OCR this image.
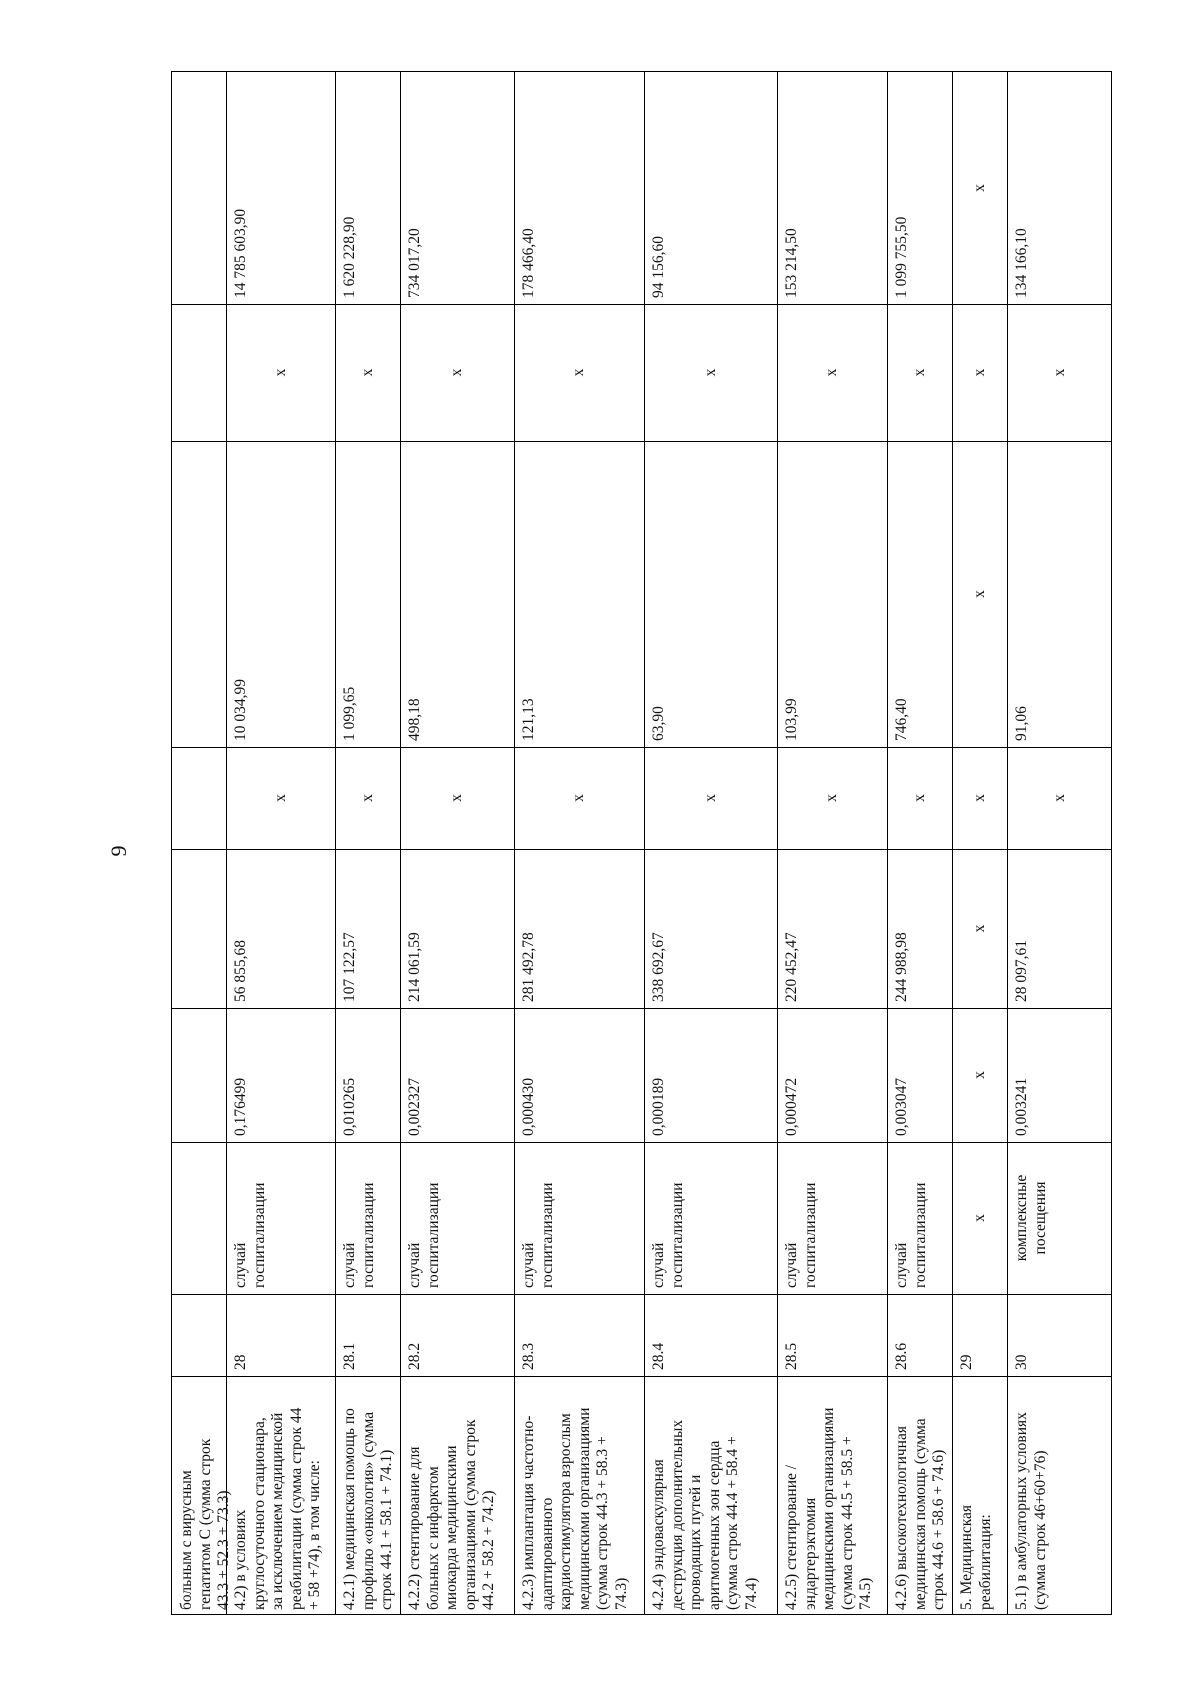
9
больным с вирусным гепатитом С (сумма строк 43.3 + 52.3 + 73.3) 4.2) в условиях круглосуточного стационара, за исключением медицинской реабилитации (сумма строк 44 + 58 +74), в том числе:
28
случай госпитализации
0,176499
56 855,68
х
10 034,99
х
14 785 603,90
4.2.1) медицинская помощь по профилю «онкология» (сумма строк 44.1 + 58.1 + 74.1)
28.1
случай госпитализации
0,010265
107 122,57
х
1 099,65
х
1 620 228,90
4.2.2) стентирование для больных с инфарктом миокарда медицинскими организациями (сумма строк 44.2 + 58.2 + 74.2)
28.2
случай госпитализации
0,002327
214 061,59
х
498,18
х
734 017,20
4.2.3) имплантация частотно- адаптированного кардиостимулятора взрослым медицинскими организациями (сумма строк 44.3 + 58.3 + 74.3)
28.3
случай госпитализации
0,000430
281 492,78
х
121,13
х
178 466,40
4.2.4) эндоваскулярная деструкция дополнительных проводящих путей и аритмогенных зон сердца (сумма строк 44.4 + 58.4 + 74.4)
28.4
случай госпитализации
0,000189
338 692,67
х
63,90
х
94 156,60
4.2.5) стентирование / эндартерэктомия медицинскими организациями (сумма строк 44.5 + 58.5 + 74.5)
28.5
случай госпитализации
0,000472
220 452,47
х
103,99
х
153 214,50
4.2.6) высокотехнологичная медицинская помощь (сумма строк 44.6 + 58.6 + 74.6)
28.6
случай госпитализации
0,003047
244 988,98
х
746,40
х
1 099 755,50
5. Медицинская реабилитация:
29
х
х
х
х
х
х
х
5.1) в амбулаторных условиях (сумма строк 46+60+76)
30
комплексные посещения
0,003241
28 097,61
х
91,06
х
134 166,10
